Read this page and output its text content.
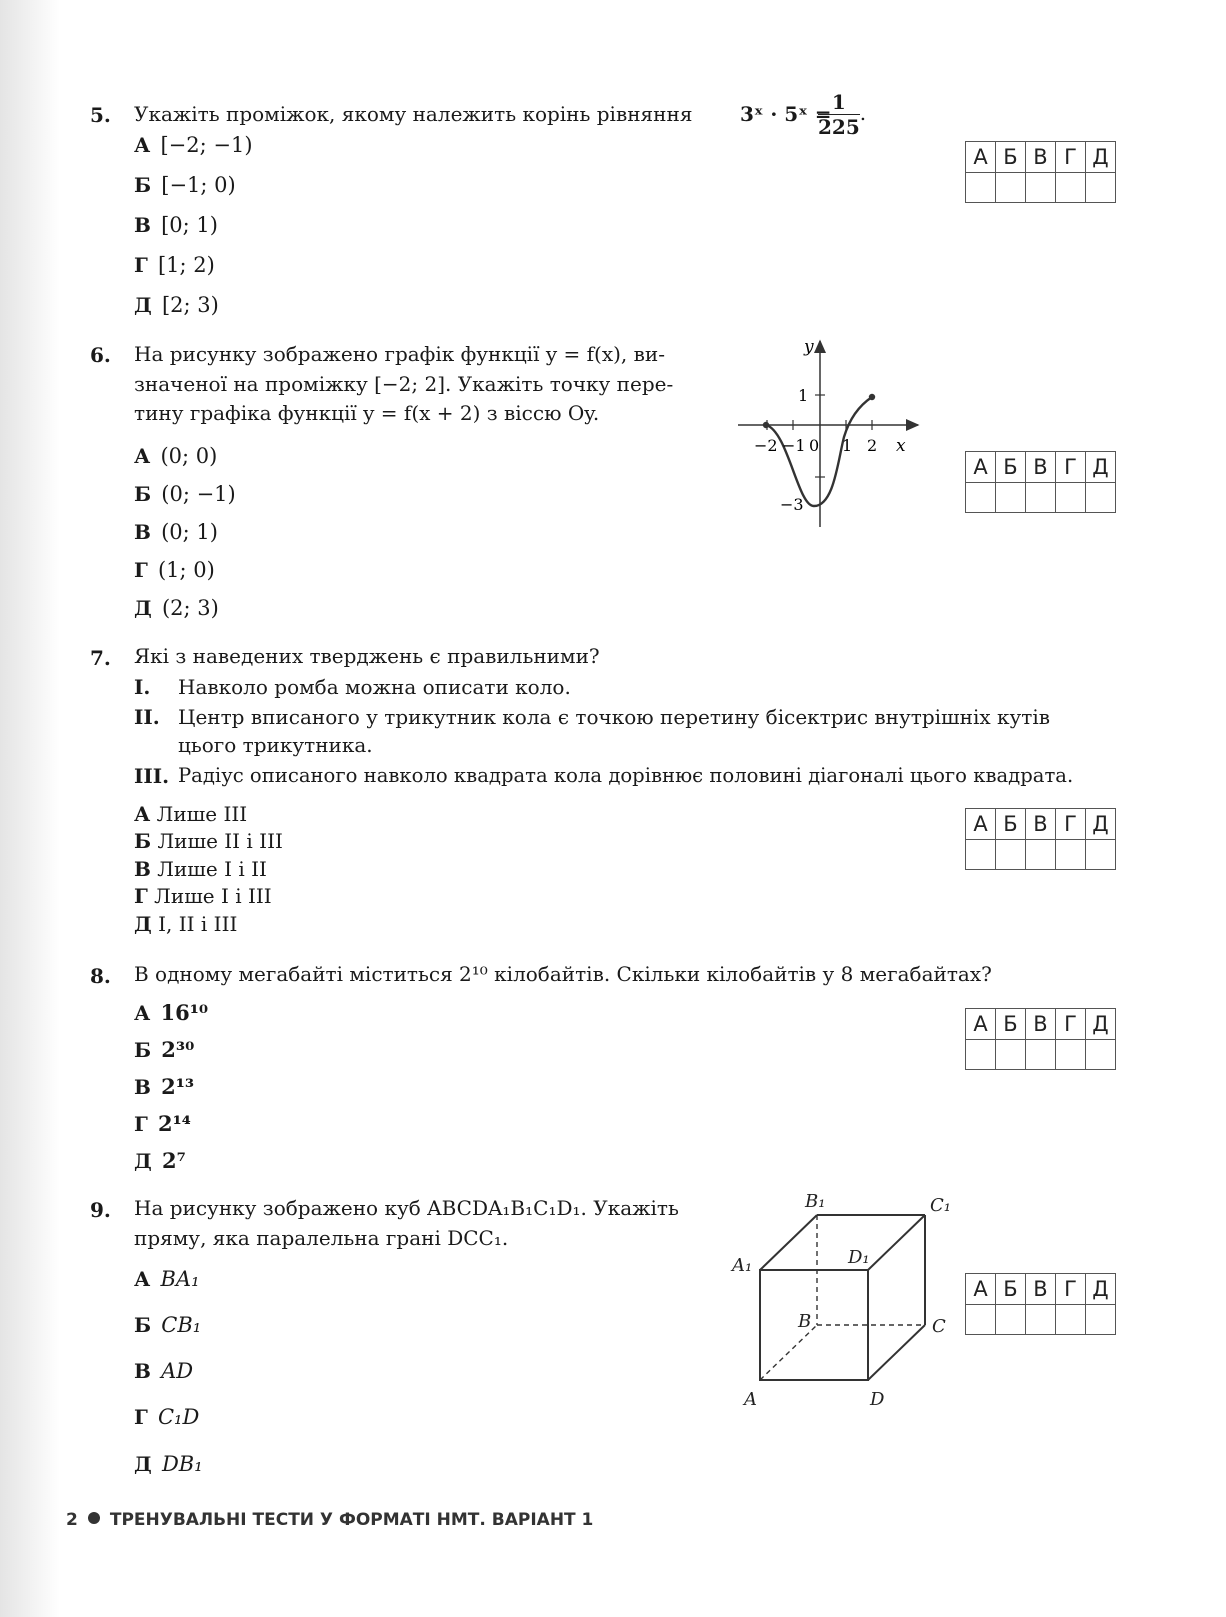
5. Укажіть проміжок, якому належить корінь рівняння 3ˣ · 5ˣ =
$\frac{1}{225}$ .
А [−2; −1)
Б [−1; 0)
В [0; 1)
Г [1; 2)
Д [2; 3)
А	Б	В	Г	Д

6. На рисунку зображено графік функції y = f(x), ви-
значеної на проміжку [−2; 2]. Укажіть точку пере-
тину графіка функції y = f(x + 2) з віссю Oy.
А (0; 0)
Б (0; −1)
В (0; 1)
Г (1; 0)
Д (2; 3)
y
x
−2 −1 0 1 2
1
−3
А	Б	В	Г	Д

7. Які з наведених тверджень є правильними?
I. Навколо ромба можна описати коло.
II. Центр вписаного у трикутник кола є точкою перетину бісектрис внутрішніх кутів
цього трикутника.
III. Радіус описаного навколо квадрата кола дорівнює половині діагоналі цього квадрата.
А Лише III
Б Лише II і III
В Лише I і II
Г Лише I і III
Д I, II і III
А	Б	В	Г	Д

8. В одному мегабайті міститься 2¹⁰ кілобайтів. Скільки кілобайтів у 8 мегабайтах?
А 16¹⁰
Б 2³⁰
В 2¹³
Г 2¹⁴
Д 2⁷
А	Б	В	Г	Д

9. На рисунку зображено куб ABCDA₁B₁C₁D₁. Укажіть
пряму, яка паралельна грані DCC₁.
А BA₁
Б CB₁
В AD
Г C₁D
Д DB₁
A
B	C
D
A₁
B₁	C₁
D₁
А	Б	В	Г	Д

2 ТРЕНУВАЛЬНІ ТЕСТИ У ФОРМАТІ НМТ. ВАРІАНТ 1
